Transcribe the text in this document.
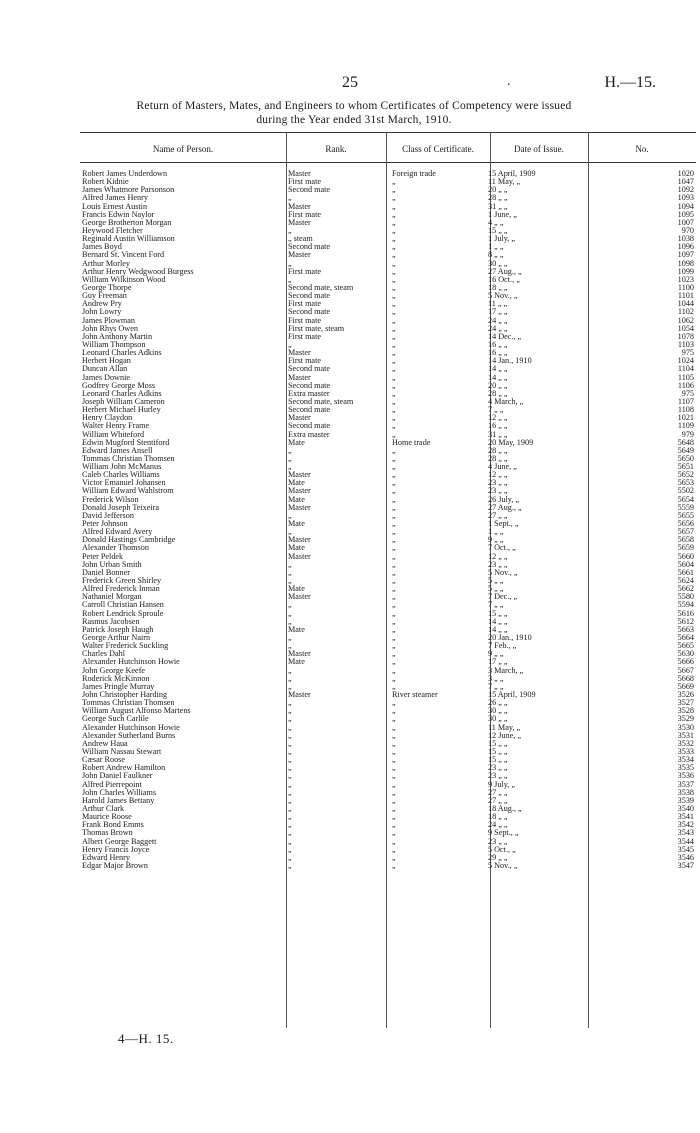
25	.	H.—15.
Return of Masters, Mates, and Engineers to whom Certificates of Competency were issued
during the Year ended 31st March, 1910.
Name of Person.	Rank.	Class of Certificate.	Date of Issue.	No.
Robert James Underdown	Master	Foreign trade	15 April, 1909	1020
Robert Kidnie	First mate	„	11 May, „	1047
James Whatmore Parsonson	Second mate	„	20 „ „	1092
Alfred James Henry	„	„	28 „ „	1093
Louis Ernest Austin	Master	„	31 „ „	1094
Francis Edwin Naylor	First mate	„	1 June, „	1095
George Brotherton Morgan	Master	„	4 „ „	1007
Heywood Fletcher	„	„	15 „ „	970
Reginald Austin Williamson	„ steam	„	1 July, „	1038
James Boyd	Second mate	„	1 „ „	1096
Bernard St. Vincent Ford	Master	„	8 „ „	1097
Arthur Morley	„	„	30 „ „	1098
Arthur Henry Wedgwood Burgess	First mate	„	27 Aug., „	1099
William Wilkinson Wood	„	„	16 Oct., „	1023
George Thorpe	Second mate, steam	„	18 „ „	1100
Guy Freeman	Second mate	„	5 Nov., „	1101
Andrew Pry	First mate	„	11 „ „	1044
John Lowry	Second mate	„	17 „ „	1102
James Plowman	First mate	„	24 „ „	1062
John Rhys Owen	First mate, steam	„	24 „ „	1054
John Anthony Martin	First mate	„	14 Dec., „	1078
William Thompson	„	„	16 „ „	1103
Leonard Charles Adkins	Master	„	16 „ „	975
Herbert Hogan	First mate	„	14 Jan., 1910	1024
Duncan Allan	Second mate	„	14 „ „	1104
James Downie	Master	„	14 „ „	1105
Godfrey George Moss	Second mate	„	20 „ „	1106
Leonard Charles Adkins	Extra master	„	28 „ „	975
Joseph William Cameron	Second mate, steam	„	4 March, „	1107
Herbert Michael Hurley	Second mate	„	7 „ „	1108
Henry Claydon	Master	„	12 „ „	1021
Walter Henry Frame	Second mate	„	16 „ „	1109
William Whiteford	Extra master	„	31 „ „	979
Edwin Mugford Stentiford	Mate	Home trade	20 May, 1909	5648
Edward James Ansell	„	„	28 „ „	5649
Tommas Christian Thomsen	„	„	28 „ „	5650
William John McManus	„	„	4 June, „	5651
Caleb Charles Williams	Master	„	12 „ „	5652
Victor Emanuel Johansen	Mate	„	23 „ „	5653
William Edward Wahlstrom	Master	„	23 „ „	5502
Frederick Wilson	Mate	„	26 July, „	5654
Donald Joseph Teixeira	Master	„	27 Aug., „	5559
David Jefferson	„	„	27 „ „	5655
Peter Johnson	Mate	„	1 Sept., „	5656
Alfred Edward Avery	„	„	1 „ „	5657
Donald Hastings Cambridge	Master	„	9 „ „	5658
Alexander Thomson	Mate	„	7 Oct., „	5659
Peter Peldek	Master	„	12 „ „	5660
John Urban Smith	„	„	23 „ „	5604
Daniel Bonner	„	„	5 Nov., „	5661
Frederick Green Shirley	„	„	5 „ „	5624
Alfred Frederick Inman	Mate	„	5 „ „	5662
Nathaniel Morgan	Master	„	7 Dec., „	5580
Carroll Christian Hansen	„	„	7 „ „	5594
Robert Lendrick Sproule	„	„	15 „ „	5616
Rasmus Jacobsen	„	„	14 „ „	5612
Patrick Joseph Haugh	Mate	„	14 „ „	5663
George Arthur Nairn	„	„	20 Jan., 1910	5664
Walter Frederick Suckling	„	„	7 Feb., „	5665
Charles Dahl	Master	„	9 „ „	5630
Alexander Hutchinson Howie	Mate	„	17 „ „	5666
John George Keefe	„	„	3 March, „	5667
Roderick McKinnon	„	„	3 „ „	5668
James Pringle Murray	„	„	7 „ „	5669
John Christopher Harding	Master	River steamer	15 April, 1909	3526
Tommas Christian Thomsen	„	„	26 „ „	3527
William August Alfonso Martens	„	„	30 „ „	3528
George Such Carlile	„	„	30 „ „	3529
Alexander Hutchinson Howie	„	„	11 May, „	3530
Alexander Sutherland Burns	„	„	12 June, „	3531
Andrew Haua	„	„	15 „ „	3532
William Nassau Stewart	„	„	15 „ „	3533
Cæsar Roose	„	„	15 „ „	3534
Robert Andrew Hamilton	„	„	23 „ „	3535
John Daniel Faulkner	„	„	23 „ „	3536
Alfred Pierrepoint	„	„	9 July, „	3537
John Charles Williams	„	„	27 „ „	3538
Harold James Bettany	„	„	27 „ „	3539
Arthur Clark	„	„	18 Aug., „	3540
Maurice Roose	„	„	18 „ „	3541
Frank Bond Emms	„	„	24 „ „	3542
Thomas Brown	„	„	9 Sept., „	3543
Albert George Baggett	„	„	23 „ „	3544
Henry Francis Joyce	„	„	5 Oct., „	3545
Edward Henry	„	„	29 „ „	3546
Edgar Major Brown	„	„	5 Nov., „	3547
4—H. 15.
